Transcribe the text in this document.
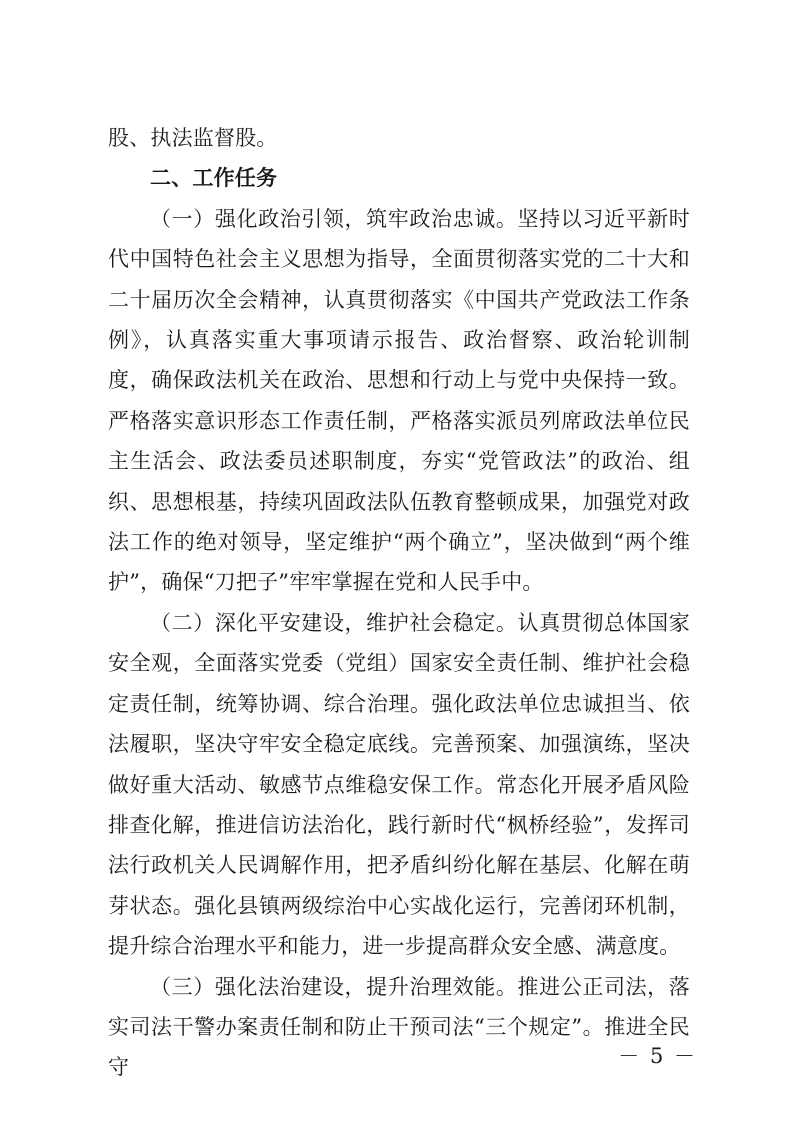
股、执法监督股。

二、工作任务

（一）强化政治引领，筑牢政治忠诚。坚持以习近平新时代中国特色社会主义思想为指导，全面贯彻落实党的二十大和二十届历次全会精神，认真贯彻落实《中国共产党政法工作条例》，认真落实重大事项请示报告、政治督察、政治轮训制度，确保政法机关在政治、思想和行动上与党中央保持一致。严格落实意识形态工作责任制，严格落实派员列席政法单位民主生活会、政法委员述职制度，夯实“党管政法”的政治、组织、思想根基，持续巩固政法队伍教育整顿成果，加强党对政法工作的绝对领导，坚定维护“两个确立”，坚决做到“两个维护”，确保“刀把子”牢牢掌握在党和人民手中。

（二）深化平安建设，维护社会稳定。认真贯彻总体国家安全观，全面落实党委（党组）国家安全责任制、维护社会稳定责任制，统筹协调、综合治理。强化政法单位忠诚担当、依法履职，坚决守牢安全稳定底线。完善预案、加强演练，坚决做好重大活动、敏感节点维稳安保工作。常态化开展矛盾风险排查化解，推进信访法治化，践行新时代“枫桥经验”，发挥司法行政机关人民调解作用，把矛盾纠纷化解在基层、化解在萌芽状态。强化县镇两级综治中心实战化运行，完善闭环机制，提升综合治理水平和能力，进一步提高群众安全感、满意度。

（三）强化法治建设，提升治理效能。推进公正司法，落实司法干警办案责任制和防止干预司法“三个规定”。推进全民守	－ 5 －
